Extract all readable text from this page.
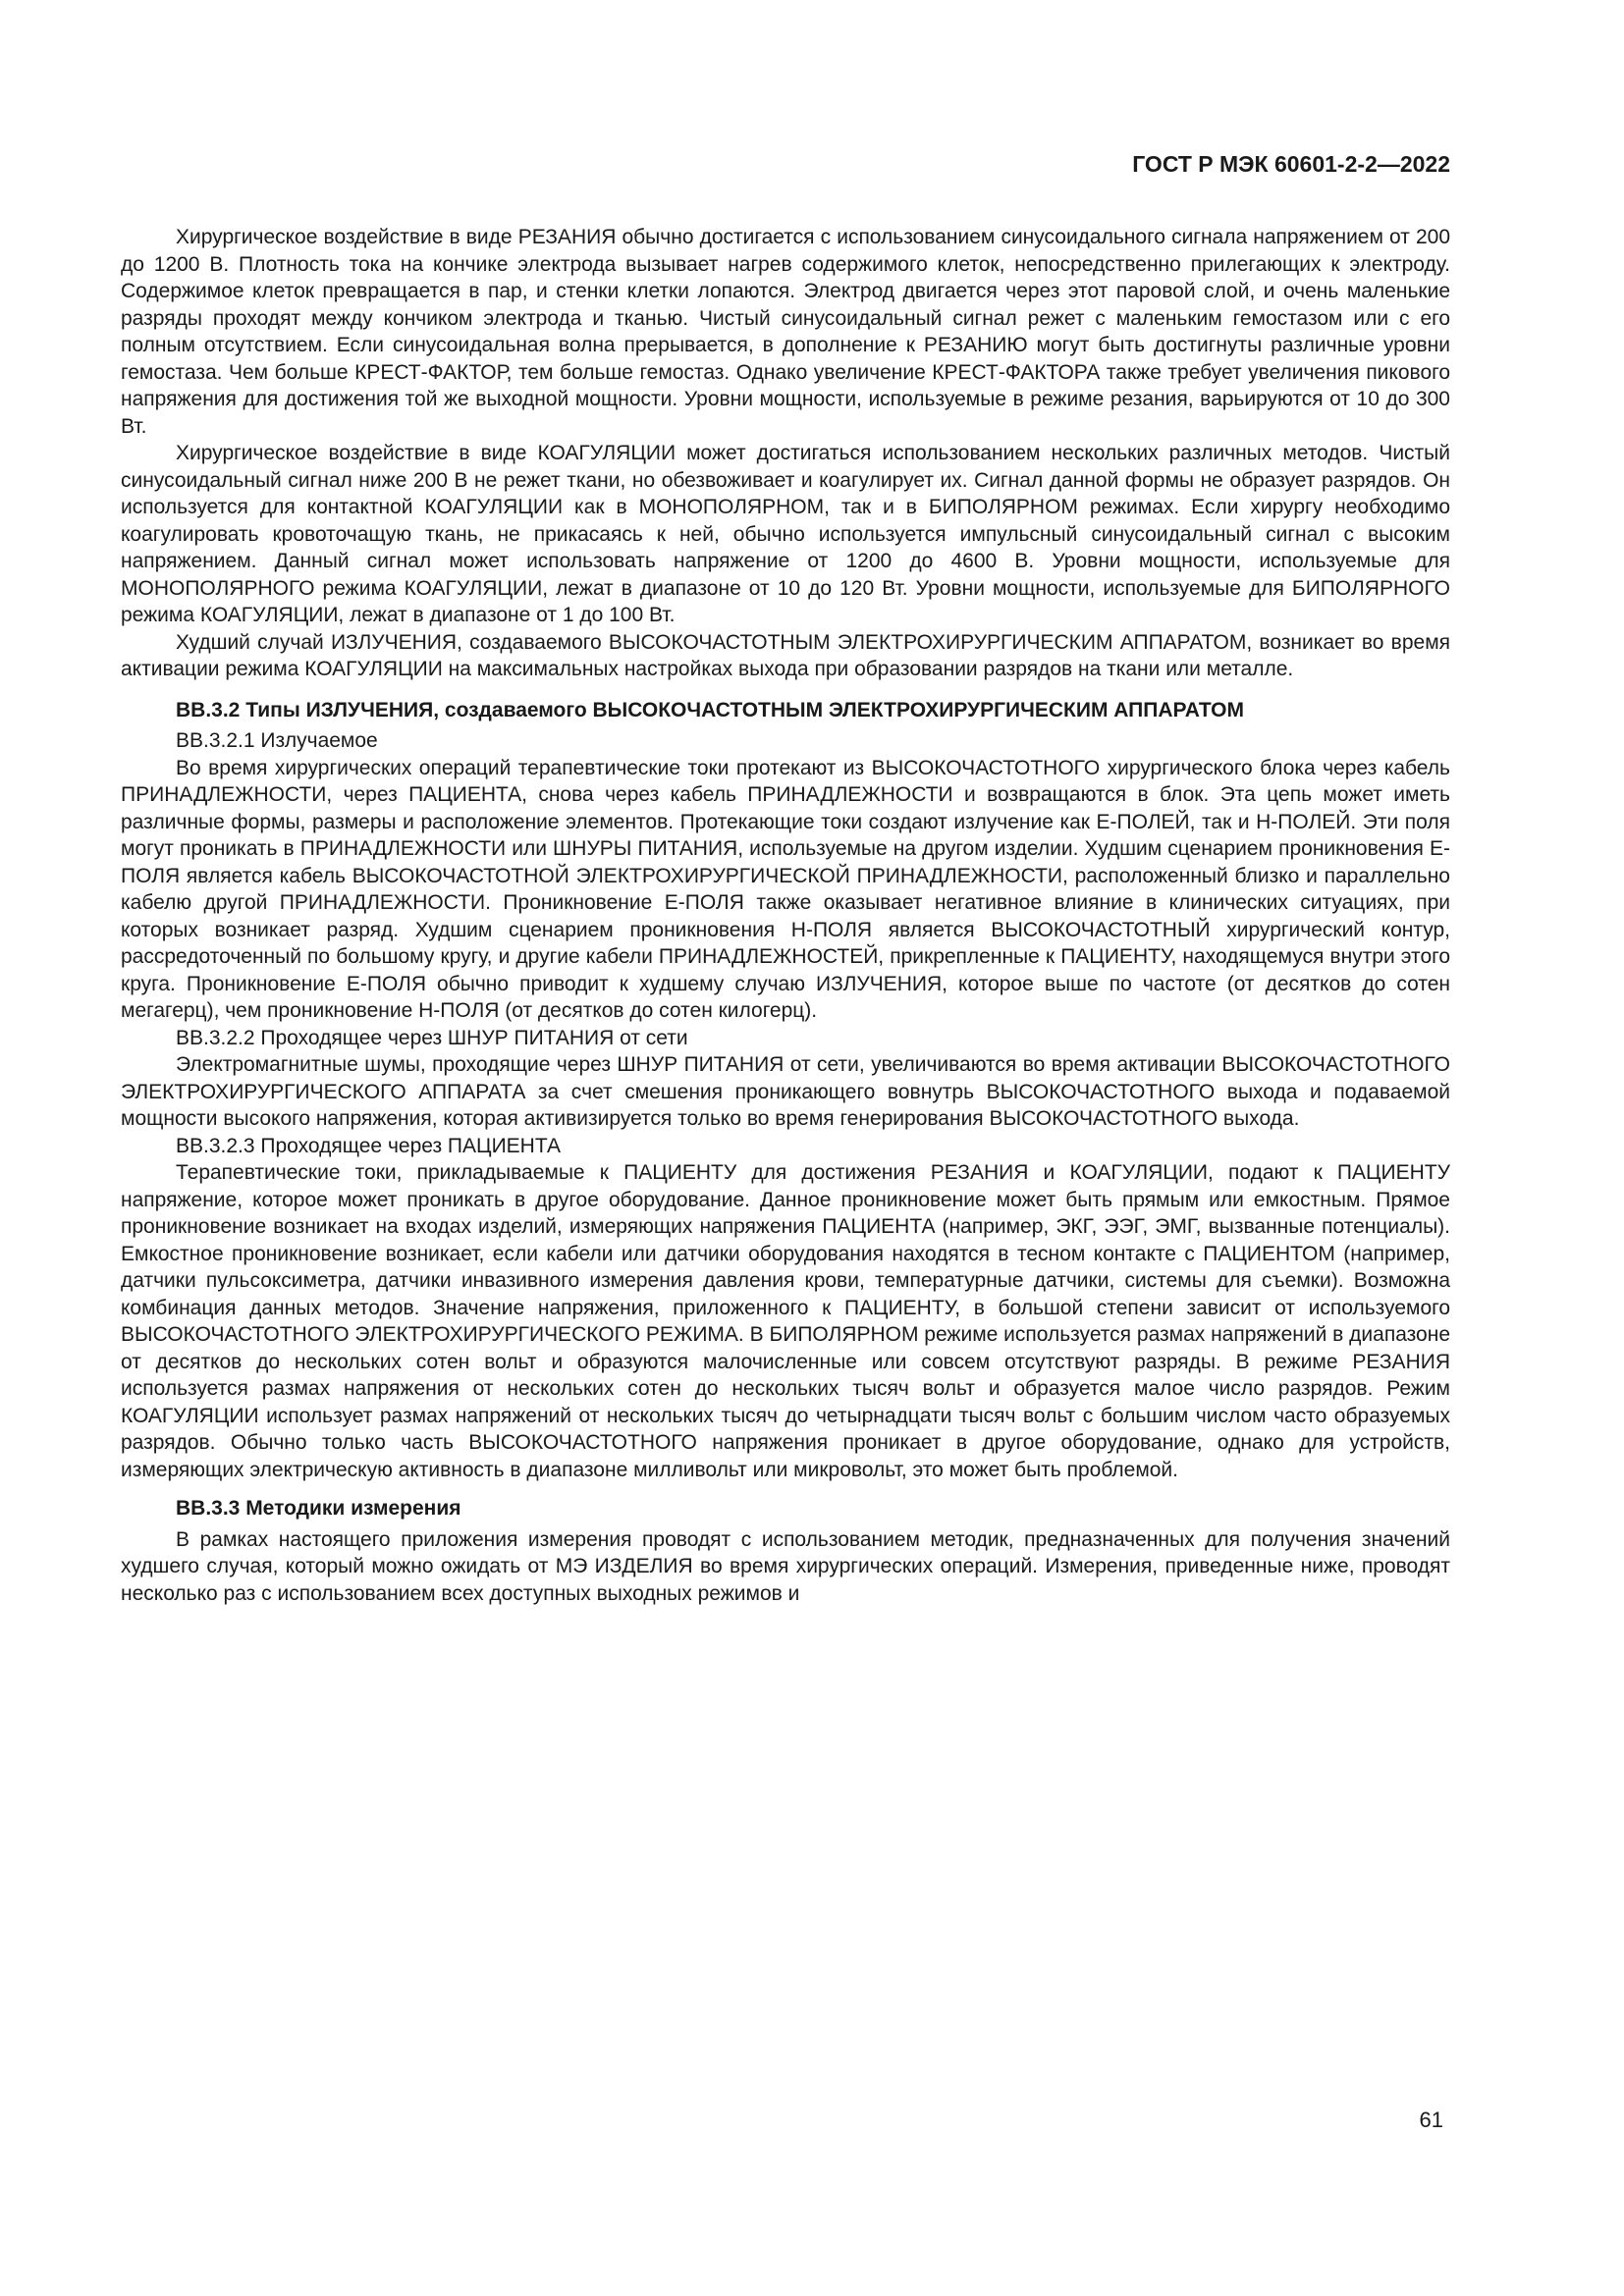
ГОСТ Р МЭК 60601-2-2—2022

Хирургическое воздействие в виде РЕЗАНИЯ обычно достигается с использованием синусоидального сигнала напряжением от 200 до 1200 В. Плотность тока на кончике электрода вызывает нагрев содержимого клеток, непосредственно прилегающих к электроду. Содержимое клеток превращается в пар, и стенки клетки лопаются. Электрод двигается через этот паровой слой, и очень маленькие разряды проходят между кончиком электрода и тканью. Чистый синусоидальный сигнал режет с маленьким гемостазом или с его полным отсутствием. Если синусоидальная волна прерывается, в дополнение к РЕЗАНИЮ могут быть достигнуты различные уровни гемостаза. Чем больше КРЕСТ-ФАКТОР, тем больше гемостаз. Однако увеличение КРЕСТ-ФАКТОРА также требует увеличения пикового напряжения для достижения той же выходной мощности. Уровни мощности, используемые в режиме резания, варьируются от 10 до 300 Вт.

Хирургическое воздействие в виде КОАГУЛЯЦИИ может достигаться использованием нескольких различных методов. Чистый синусоидальный сигнал ниже 200 В не режет ткани, но обезвоживает и коагулирует их. Сигнал данной формы не образует разрядов. Он используется для контактной КОАГУЛЯЦИИ как в МОНОПОЛЯРНОМ, так и в БИПОЛЯРНОМ режимах. Если хирургу необходимо коагулировать кровоточащую ткань, не прикасаясь к ней, обычно используется импульсный синусоидальный сигнал с высоким напряжением. Данный сигнал может использовать напряжение от 1200 до 4600 В. Уровни мощности, используемые для МОНОПОЛЯРНОГО режима КОАГУЛЯЦИИ, лежат в диапазоне от 10 до 120 Вт. Уровни мощности, используемые для БИПОЛЯРНОГО режима КОАГУЛЯЦИИ, лежат в диапазоне от 1 до 100 Вт.

Худший случай ИЗЛУЧЕНИЯ, создаваемого ВЫСОКОЧАСТОТНЫМ ЭЛЕКТРОХИРУРГИЧЕСКИМ АППАРАТОМ, возникает во время активации режима КОАГУЛЯЦИИ на максимальных настройках выхода при образовании разрядов на ткани или металле.

BB.3.2 Типы ИЗЛУЧЕНИЯ, создаваемого ВЫСОКОЧАСТОТНЫМ ЭЛЕКТРОХИРУРГИЧЕСКИМ АППАРАТОМ

BB.3.2.1 Излучаемое

Во время хирургических операций терапевтические токи протекают из ВЫСОКОЧАСТОТНОГО хирургического блока через кабель ПРИНАДЛЕЖНОСТИ, через ПАЦИЕНТА, снова через кабель ПРИНАДЛЕЖНОСТИ и возвращаются в блок. Эта цепь может иметь различные формы, размеры и расположение элементов. Протекающие токи создают излучение как Е-ПОЛЕЙ, так и Н-ПОЛЕЙ. Эти поля могут проникать в ПРИНАДЛЕЖНОСТИ или ШНУРЫ ПИТАНИЯ, используемые на другом изделии. Худшим сценарием проникновения Е-ПОЛЯ является кабель ВЫСОКОЧАСТОТНОЙ ЭЛЕКТРОХИРУРГИЧЕСКОЙ ПРИНАДЛЕЖНОСТИ, расположенный близко и параллельно кабелю другой ПРИНАДЛЕЖНОСТИ. Проникновение Е-ПОЛЯ также оказывает негативное влияние в клинических ситуациях, при которых возникает разряд. Худшим сценарием проникновения Н-ПОЛЯ является ВЫСОКОЧАСТОТНЫЙ хирургический контур, рассредоточенный по большому кругу, и другие кабели ПРИНАДЛЕЖНОСТЕЙ, прикрепленные к ПАЦИЕНТУ, находящемуся внутри этого круга. Проникновение Е-ПОЛЯ обычно приводит к худшему случаю ИЗЛУЧЕНИЯ, которое выше по частоте (от десятков до сотен мегагерц), чем проникновение Н-ПОЛЯ (от десятков до сотен килогерц).

BB.3.2.2 Проходящее через ШНУР ПИТАНИЯ от сети

Электромагнитные шумы, проходящие через ШНУР ПИТАНИЯ от сети, увеличиваются во время активации ВЫСОКОЧАСТОТНОГО ЭЛЕКТРОХИРУРГИЧЕСКОГО АППАРАТА за счет смешения проникающего вовнутрь ВЫСОКОЧАСТОТНОГО выхода и подаваемой мощности высокого напряжения, которая активизируется только во время генерирования ВЫСОКОЧАСТОТНОГО выхода.

BB.3.2.3 Проходящее через ПАЦИЕНТА

Терапевтические токи, прикладываемые к ПАЦИЕНТУ для достижения РЕЗАНИЯ и КОАГУЛЯЦИИ, подают к ПАЦИЕНТУ напряжение, которое может проникать в другое оборудование. Данное проникновение может быть прямым или емкостным. Прямое проникновение возникает на входах изделий, измеряющих напряжения ПАЦИЕНТА (например, ЭКГ, ЭЭГ, ЭМГ, вызванные потенциалы). Емкостное проникновение возникает, если кабели или датчики оборудования находятся в тесном контакте с ПАЦИЕНТОМ (например, датчики пульсоксиметра, датчики инвазивного измерения давления крови, температурные датчики, системы для съемки). Возможна комбинация данных методов. Значение напряжения, приложенного к ПАЦИЕНТУ, в большой степени зависит от используемого ВЫСОКОЧАСТОТНОГО ЭЛЕКТРОХИРУРГИЧЕСКОГО РЕЖИМА. В БИПОЛЯРНОМ режиме используется размах напряжений в диапазоне от десятков до нескольких сотен вольт и образуются малочисленные или совсем отсутствуют разряды. В режиме РЕЗАНИЯ используется размах напряжения от нескольких сотен до нескольких тысяч вольт и образуется малое число разрядов. Режим КОАГУЛЯЦИИ использует размах напряжений от нескольких тысяч до четырнадцати тысяч вольт с большим числом часто образуемых разрядов. Обычно только часть ВЫСОКОЧАСТОТНОГО напряжения проникает в другое оборудование, однако для устройств, измеряющих электрическую активность в диапазоне милливольт или микровольт, это может быть проблемой.

BB.3.3 Методики измерения

В рамках настоящего приложения измерения проводят с использованием методик, предназначенных для получения значений худшего случая, который можно ожидать от МЭ ИЗДЕЛИЯ во время хирургических операций. Измерения, приведенные ниже, проводят несколько раз с использованием всех доступных выходных режимов и

61
